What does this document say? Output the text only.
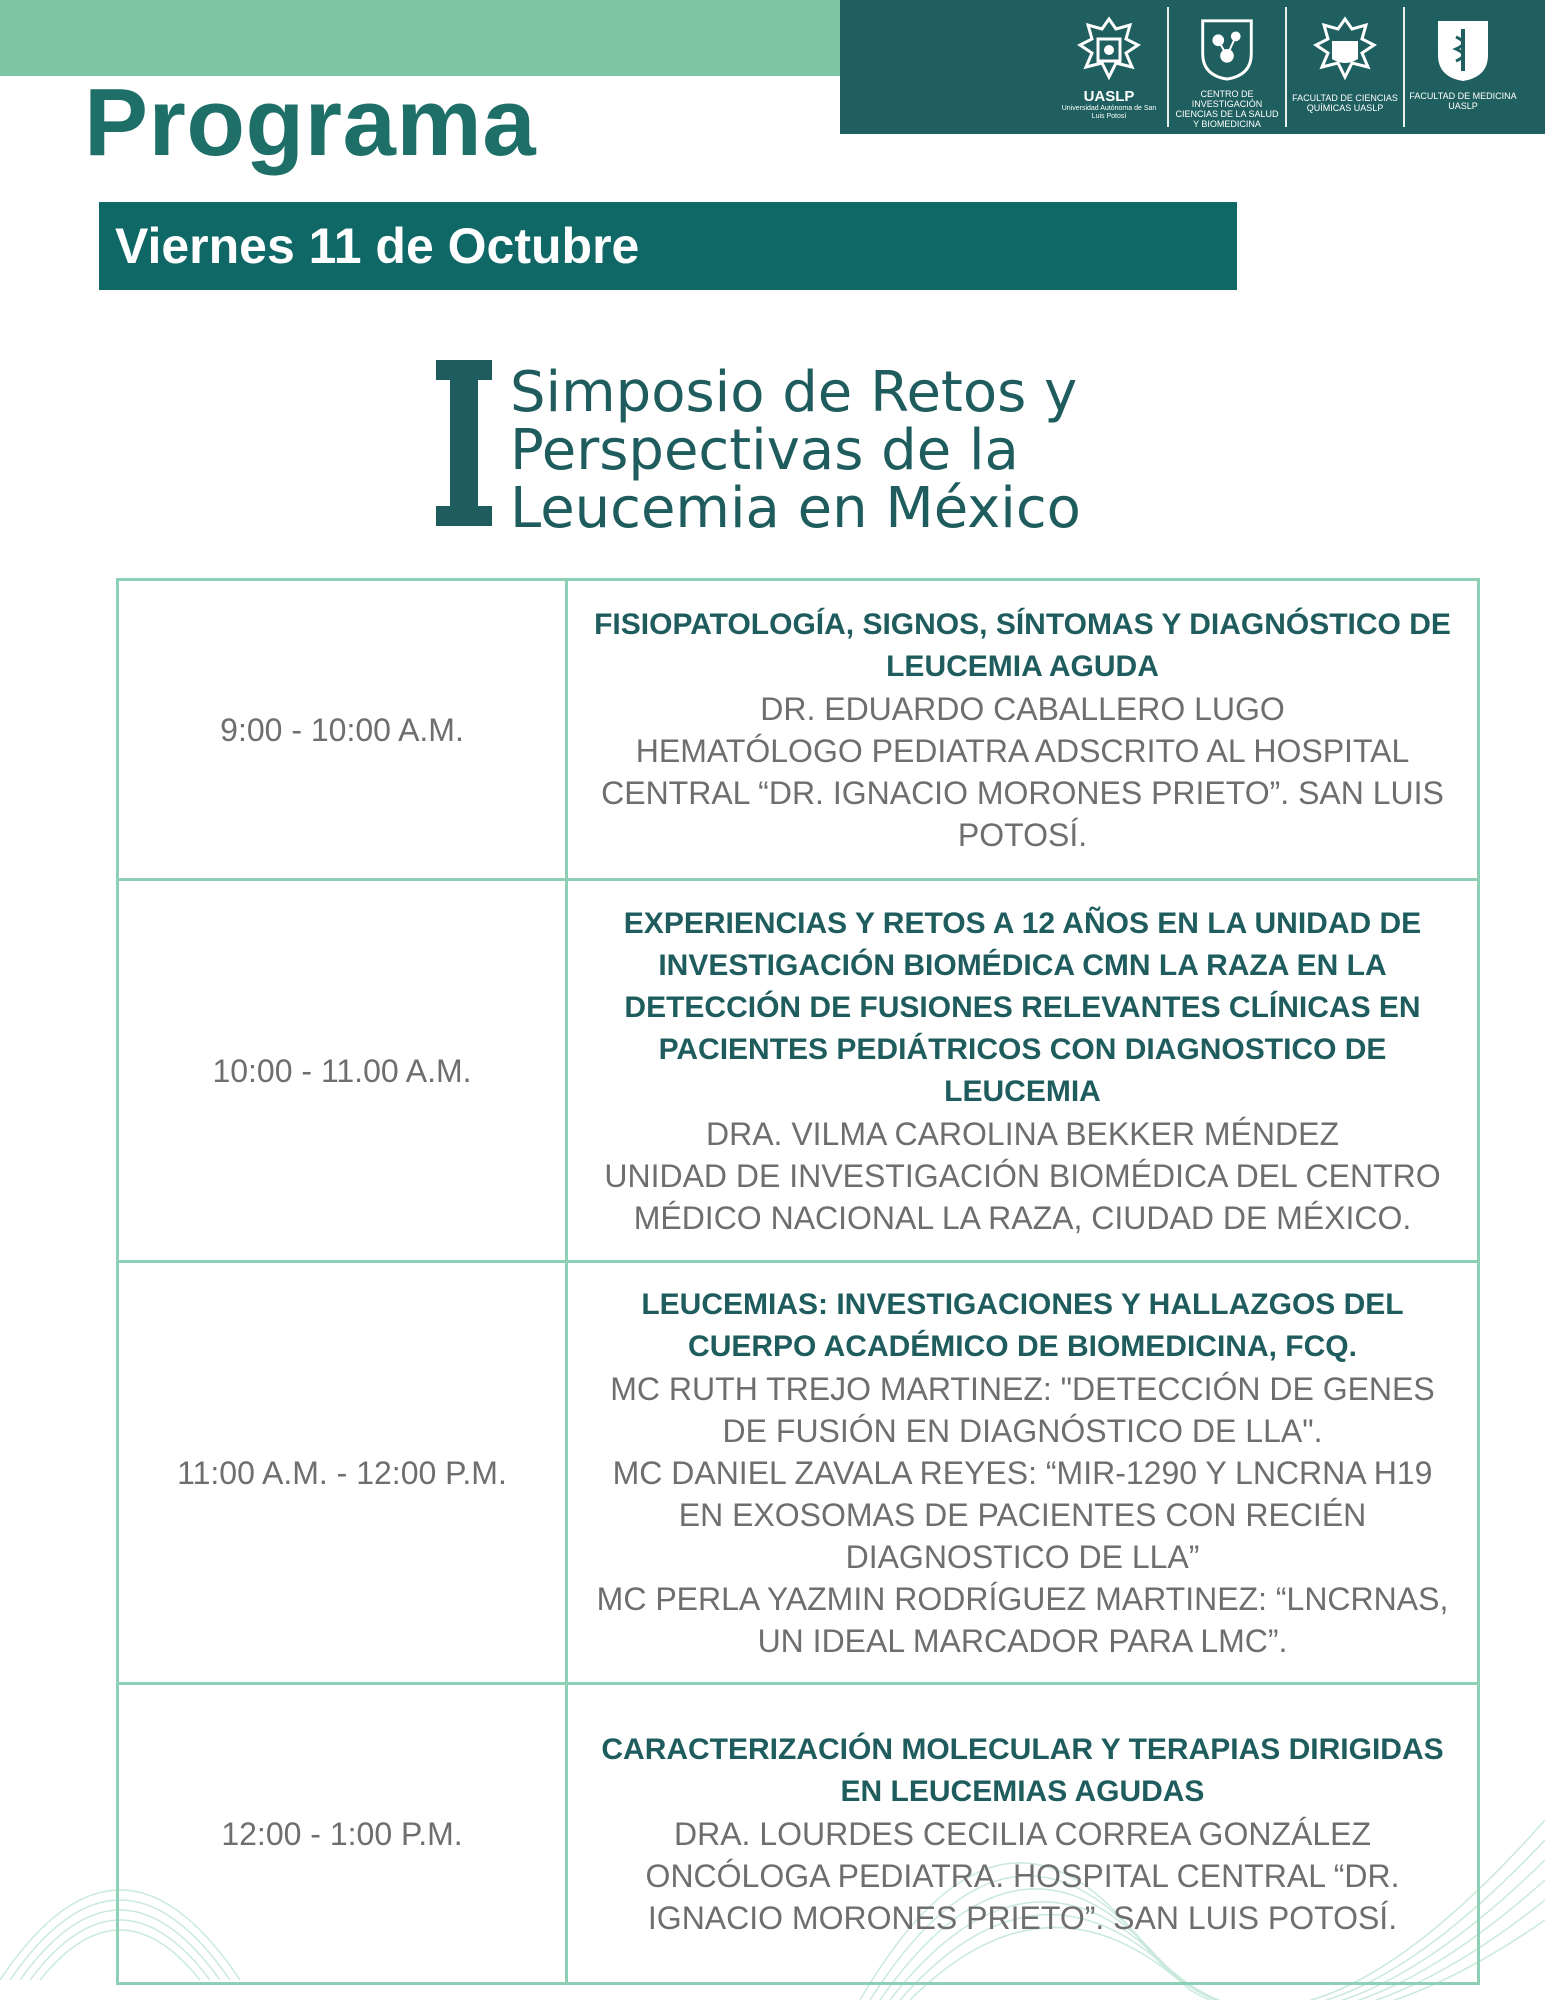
UASLP
Universidad Autónoma de San Luis Potosí
CENTRO DE INVESTIGACIÓN CIENCIAS DE LA SALUD Y BIOMEDICINA
FACULTAD DE CIENCIAS QUÍMICAS UASLP
FACULTAD DE MEDICINA UASLP
Programa
Viernes 11 de Octubre
Simposio de Retos y
Perspectivas de la
Leucemia en México
9:00 - 10:00 A.M.	FISIOPATOLOGÍA, SIGNOS, SÍNTOMAS Y DIAGNÓSTICO DE LEUCEMIA AGUDA
DR. EDUARDO CABALLERO LUGO
HEMATÓLOGO PEDIATRA ADSCRITO AL HOSPITAL CENTRAL “DR. IGNACIO MORONES PRIETO”. SAN LUIS POTOSÍ.

10:00 - 11.00 A.M.	EXPERIENCIAS Y RETOS A 12 AÑOS EN LA UNIDAD DE INVESTIGACIÓN BIOMÉDICA CMN LA RAZA EN LA DETECCIÓN DE FUSIONES RELEVANTES CLÍNICAS EN PACIENTES PEDIÁTRICOS CON DIAGNOSTICO DE LEUCEMIA
DRA. VILMA CAROLINA BEKKER MÉNDEZ
UNIDAD DE INVESTIGACIÓN BIOMÉDICA DEL CENTRO MÉDICO NACIONAL LA RAZA, CIUDAD DE MÉXICO.

11:00 A.M. - 12:00 P.M.	LEUCEMIAS: INVESTIGACIONES Y HALLAZGOS DEL CUERPO ACADÉMICO DE BIOMEDICINA, FCQ.
MC RUTH TREJO MARTINEZ: "DETECCIÓN DE GENES DE FUSIÓN EN DIAGNÓSTICO DE LLA".
MC DANIEL ZAVALA REYES: “MIR-1290 Y LNCRNA H19 EN EXOSOMAS DE PACIENTES CON RECIÉN DIAGNOSTICO DE LLA”
MC PERLA YAZMIN RODRÍGUEZ MARTINEZ: “LNCRNAS, UN IDEAL MARCADOR PARA LMC”.

12:00 - 1:00 P.M.	CARACTERIZACIÓN MOLECULAR Y TERAPIAS DIRIGIDAS EN LEUCEMIAS AGUDAS
DRA. LOURDES CECILIA CORREA GONZÁLEZ
ONCÓLOGA PEDIATRA. HOSPITAL CENTRAL “DR. IGNACIO MORONES PRIETO”. SAN LUIS POTOSÍ.
